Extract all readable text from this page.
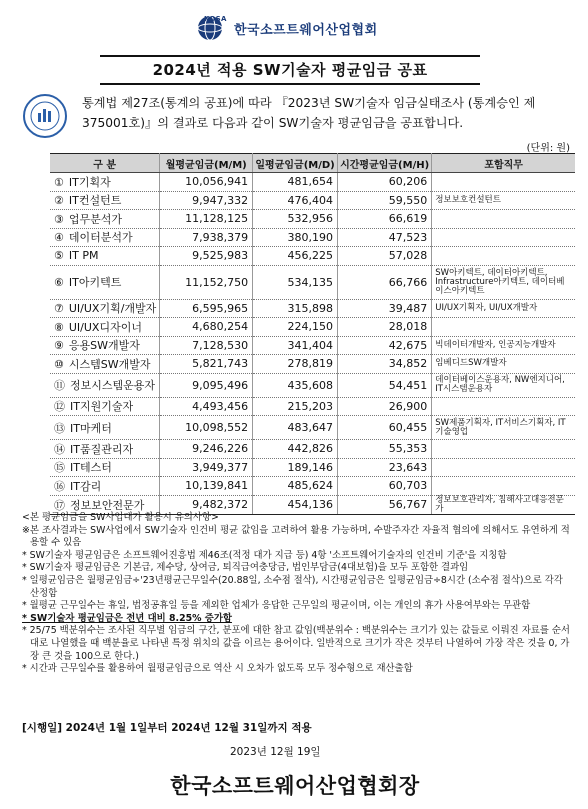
KOSA
한국소프트웨어산업협회
2024년 적용 SW기술자 평균임금 공표
통계법 제27조(통계의 공표)에 따라 『2023년 SW기술자 임금실태조사 (통계승인 제375001호)』의 결과로 다음과 같이 SW기술자 평균임금을 공표합니다.
(단위: 원)
구 분	월평균임금(M/M)	일평균임금(M/D)	시간평균임금(M/H)	포함직무
① IT기획자	10,056,941	481,654	60,206	
② IT컨설턴트	9,947,332	476,404	59,550	정보보호컨설턴트
③ 업무분석가	11,128,125	532,956	66,619	
④ 데이터분석가	7,938,379	380,190	47,523	
⑤ IT PM	9,525,983	456,225	57,028	
⑥ IT아키텍트	11,152,750	534,135	66,766	SW아키텍트, 데이터아키텍트, Infrastructure아키텍트, 데이터베이스아키텍트
⑦ UI/UX기획/개발자	6,595,965	315,898	39,487	UI/UX기획자, UI/UX개발자
⑧ UI/UX디자이너	4,680,254	224,150	28,018	
⑨ 응용SW개발자	7,128,530	341,404	42,675	빅데이터개발자, 인공지능개발자
⑩ 시스템SW개발자	5,821,743	278,819	34,852	임베디드SW개발자
⑪ 정보시스템운용자	9,095,496	435,608	54,451	데이터베이스운용자, NW엔지니어, IT시스템운용자
⑫ IT지원기술자	4,493,456	215,203	26,900	
⑬ IT마케터	10,098,552	483,647	60,455	SW제품기획자, IT서비스기획자, IT기술영업
⑭ IT품질관리자	9,246,226	442,826	55,353	
⑮ IT테스터	3,949,377	189,146	23,643	
⑯ IT감리	10,139,841	485,624	60,703	
⑰ 정보보안전문가	9,482,372	454,136	56,767	정보보호관리자, 침해사고대응전문가

<본 평균임금을 SW사업대가 활용시 유의사항>

※본 조사결과는 SW사업에서 SW기술자 인건비 평균 값임을 고려하여 활용 가능하며, 수발주자간 자율적 협의에 의해서도 유연하게 적용할 수 있음

* SW기술자 평균임금은 소프트웨어진흥법 제46조(적정 대가 지급 등) 4항 '소프트웨어기술자의 인건비 기준'을 지칭함

* SW기술자 평균임금은 기본급, 제수당, 상여금, 퇴직급여충당금, 법인부담금(4대보험)을 모두 포함한 결과임

* 일평균임금은 월평균임금÷'23년평균근무일수(20.88일, 소수점 절삭), 시간평균임금은 일평균임금÷8시간 (소수점 절삭)으로 각각 산정함

* 월평균 근무일수는 휴일, 법정공휴일 등을 제외한 업체가 응답한 근무일의 평균이며, 이는 개인의 휴가 사용여부와는 무관함

* SW기술자 평균임금은 전년 대비 8.25% 증가함

* 25/75 백분위수는 조사된 직무별 임금의 구간, 분포에 대한 참고 값임(백분위수 : 백분위수는 크기가 있는 값들로 이뤄진 자료를 순서대로 나열했을 때 백분율로 나타낸 특정 위치의 값을 이르는 용어이다. 일반적으로 크기가 작은 것부터 나열하여 가장 작은 것을 0, 가장 큰 것을 100으로 한다.)

* 시간과 근무일수를 활용하여 월평균임금으로 역산 시 오차가 없도록 모두 정수형으로 재산출함

[시행일] 2024년 1월 1일부터 2024년 12월 31일까지 적용
2023년 12월 19일
한국소프트웨어산업협회장
